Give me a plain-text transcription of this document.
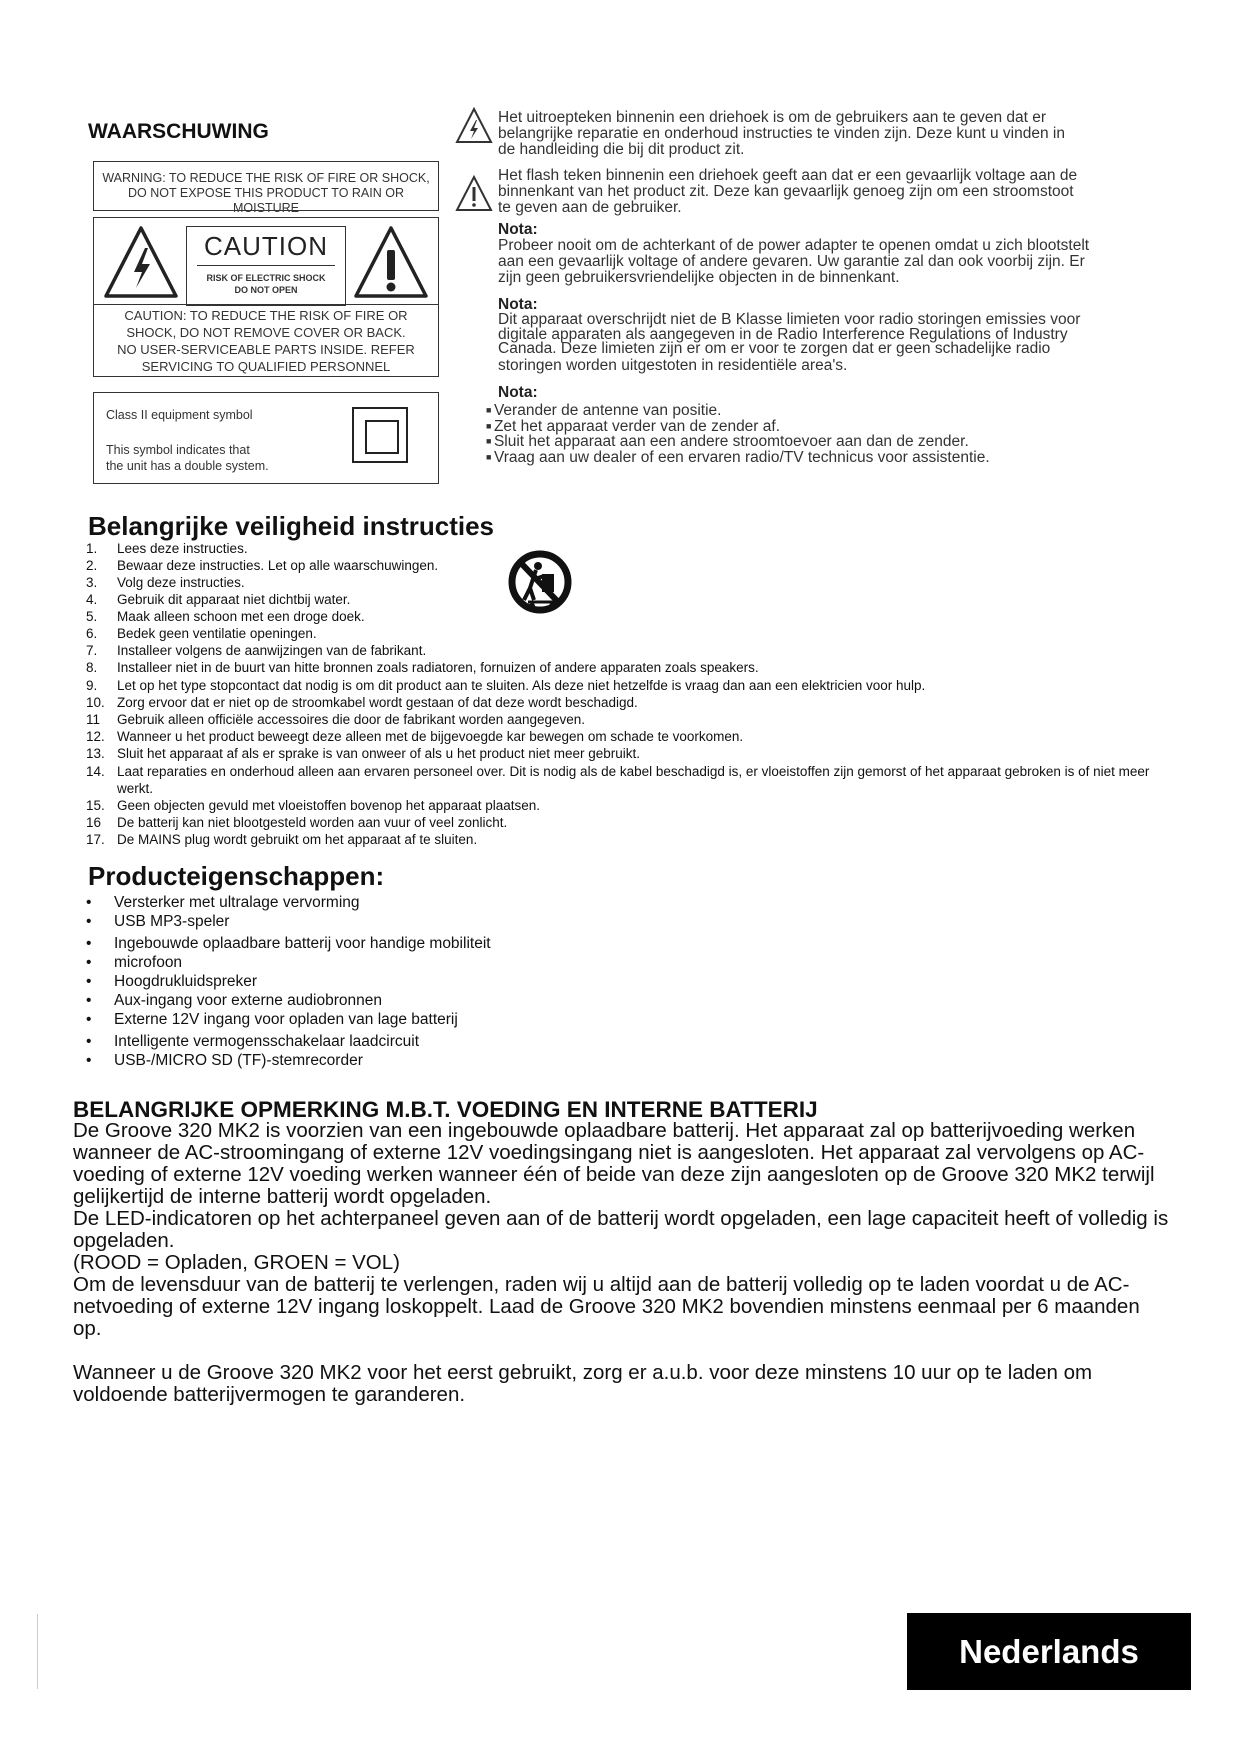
WAARSCHUWING
WARNING: TO REDUCE THE RISK OF FIRE OR SHOCK,
DO NOT EXPOSE THIS PRODUCT TO RAIN OR MOISTURE
CAUTION
RISK OF ELECTRIC SHOCK
DO NOT OPEN
CAUTION: TO REDUCE THE RISK OF FIRE OR
SHOCK, DO NOT REMOVE COVER OR BACK.
NO USER-SERVICEABLE PARTS INSIDE. REFER
SERVICING TO QUALIFIED PERSONNEL
Class II equipment symbol
This symbol indicates that
the unit has a double system.
Het uitroepteken binnenin een driehoek is om de gebruikers aan te geven dat er
belangrijke reparatie en onderhoud instructies te vinden zijn. Deze kunt u vinden in
de handleiding die bij dit product zit.
Het flash teken binnenin een driehoek geeft aan dat er een gevaarlijk voltage aan de
binnenkant van het product zit. Deze kan gevaarlijk genoeg zijn om een stroomstoot
te geven aan de gebruiker.
Nota:
Probeer nooit om de achterkant of de power adapter te openen omdat u zich blootstelt
aan een gevaarlijk voltage of andere gevaren. Uw garantie zal dan ook voorbij zijn. Er
zijn geen gebruikersvriendelijke objecten in de binnenkant.
Nota:
Dit apparaat overschrijdt niet de B Klasse limieten voor radio storingen emissies voor
digitale apparaten als aangegeven in de Radio Interference Regulations of Industry
Canada. Deze limieten zijn er om er voor te zorgen dat er geen schadelijke radio
storingen worden uitgestoten in residentiële area's.
Nota:
■ Verander de antenne van positie.
■ Zet het apparaat verder van de zender af.
■ Sluit het apparaat aan een andere stroomtoevoer aan dan de zender.
■ Vraag aan uw dealer of een ervaren radio/TV technicus voor assistentie.
Belangrijke veiligheid instructies
1.	Lees deze instructies.
2.	Bewaar deze instructies. Let op alle waarschuwingen.
3.	Volg deze instructies.
4.	Gebruik dit apparaat niet dichtbij water.
5.	Maak alleen schoon met een droge doek.
6.	Bedek geen ventilatie openingen.
7.	Installeer volgens de aanwijzingen van de fabrikant.
8.	Installeer niet in de buurt van hitte bronnen zoals radiatoren, fornuizen of andere apparaten zoals speakers.
9.	Let op het type stopcontact dat nodig is om dit product aan te sluiten. Als deze niet hetzelfde is vraag dan aan een elektricien voor hulp.
10. Zorg ervoor dat er niet op de stroomkabel wordt gestaan of dat deze wordt beschadigd.
11	Gebruik alleen officiële accessoires die door de fabrikant worden aangegeven.
12. Wanneer u het product beweegt deze alleen met de bijgevoegde kar bewegen om schade te voorkomen.
13. Sluit het apparaat af als er sprake is van onweer of als u het product niet meer gebruikt.
14. Laat reparaties en onderhoud alleen aan ervaren personeel over. Dit is nodig als de kabel beschadigd is, er vloeistoffen zijn gemorst of het apparaat gebroken is of niet meer werkt.
15. Geen objecten gevuld met vloeistoffen bovenop het apparaat plaatsen.
16	De batterij kan niet blootgesteld worden aan vuur of veel zonlicht.
17. De MAINS plug wordt gebruikt om het apparaat af te sluiten.
Producteigenschappen:
•	Versterker met ultralage vervorming
•	USB MP3-speler
•	Ingebouwde oplaadbare batterij voor handige mobiliteit
•	microfoon
•	Hoogdrukluidspreker
•	Aux-ingang voor externe audiobronnen
•	Externe 12V ingang voor opladen van lage batterij
•	Intelligente vermogensschakelaar laadcircuit
•	USB-/MICRO SD (TF)-stemrecorder
BELANGRIJKE OPMERKING M.B.T. VOEDING EN INTERNE BATTERIJ

De Groove 320 MK2 is voorzien van een ingebouwde oplaadbare batterij. Het apparaat zal op batterijvoeding werken wanneer de AC-stroomingang of externe 12V voedingsingang niet is aangesloten. Het apparaat zal vervolgens op AC-voeding of externe 12V voeding werken wanneer één of beide van deze zijn aangesloten op de Groove 320 MK2 terwijl gelijkertijd de interne batterij wordt opgeladen.

De LED-indicatoren op het achterpaneel geven aan of de batterij wordt opgeladen, een lage capaciteit heeft of volledig is opgeladen.

(ROOD = Opladen, GROEN = VOL)

Om de levensduur van de batterij te verlengen, raden wij u altijd aan de batterij volledig op te laden voordat u de AC-netvoeding of externe 12V ingang loskoppelt. Laad de Groove 320 MK2 bovendien minstens eenmaal per 6 maanden op.

Wanneer u de Groove 320 MK2 voor het eerst gebruikt, zorg er a.u.b. voor deze minstens 10 uur op te laden om voldoende batterijvermogen te garanderen.

Nederlands
